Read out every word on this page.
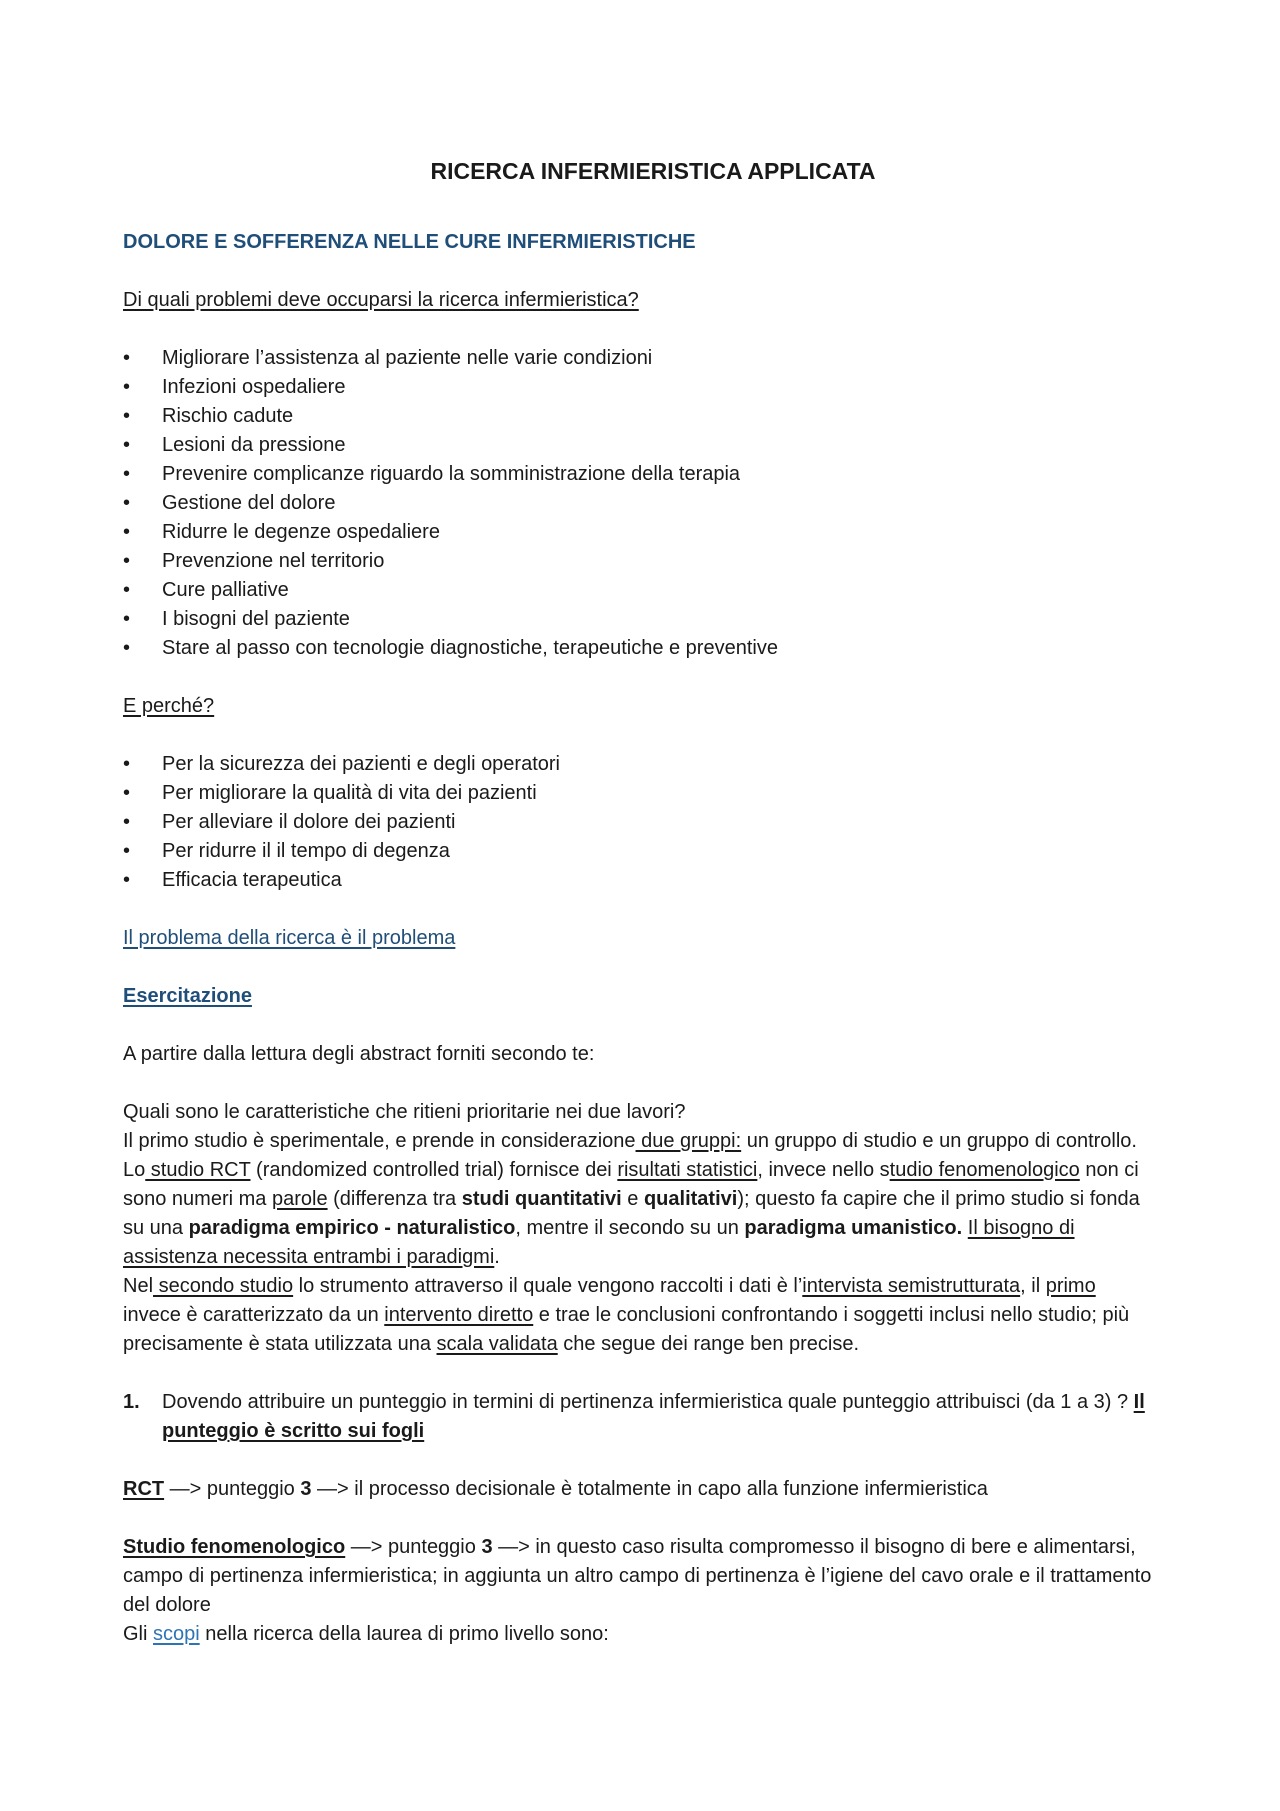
RICERCA INFERMIERISTICA APPLICATA

DOLORE E SOFFERENZA NELLE CURE INFERMIERISTICHE

Di quali problemi deve occuparsi la ricerca infermieristica?

• Migliorare l’assistenza al paziente nelle varie condizioni
• Infezioni ospedaliere
• Rischio cadute
• Lesioni da pressione
• Prevenire complicanze riguardo la somministrazione della terapia
• Gestione del dolore
• Ridurre le degenze ospedaliere
• Prevenzione nel territorio
• Cure palliative
• I bisogni del paziente
• Stare al passo con tecnologie diagnostiche, terapeutiche e preventive

E perché?

• Per la sicurezza dei pazienti e degli operatori
• Per migliorare la qualità di vita dei pazienti
• Per alleviare il dolore dei pazienti
• Per ridurre il il tempo di degenza
• Efficacia terapeutica

Il problema della ricerca è il problema

Esercitazione

A partire dalla lettura degli abstract forniti secondo te:

Quali sono le caratteristiche che ritieni prioritarie nei due lavori?

Il primo studio è sperimentale, e prende in considerazione due gruppi: un gruppo di studio e un gruppo di controllo. Lo studio RCT (randomized controlled trial) fornisce dei risultati statistici, invece nello studio fenomenologico non ci sono numeri ma parole (differenza tra studi quantitativi e qualitativi); questo fa capire che il primo studio si fonda su una paradigma empirico - naturalistico, mentre il secondo su un paradigma umanistico. Il bisogno di assistenza necessita entrambi i paradigmi.

Nel secondo studio lo strumento attraverso il quale vengono raccolti i dati è l’intervista semistrutturata, il primo invece è caratterizzato da un intervento diretto e trae le conclusioni confrontando i soggetti inclusi nello studio; più precisamente è stata utilizzata una scala validata che segue dei range ben precise.

1. Dovendo attribuire un punteggio in termini di pertinenza infermieristica quale punteggio attribuisci (da 1 a 3) ? Il punteggio è scritto sui fogli

RCT —> punteggio 3 —> il processo decisionale è totalmente in capo alla funzione infermieristica

Studio fenomenologico —> punteggio 3 —> in questo caso risulta compromesso il bisogno di bere e alimentarsi, campo di pertinenza infermieristica; in aggiunta un altro campo di pertinenza è l’igiene del cavo orale e il trattamento del dolore

Gli scopi nella ricerca della laurea di primo livello sono:
